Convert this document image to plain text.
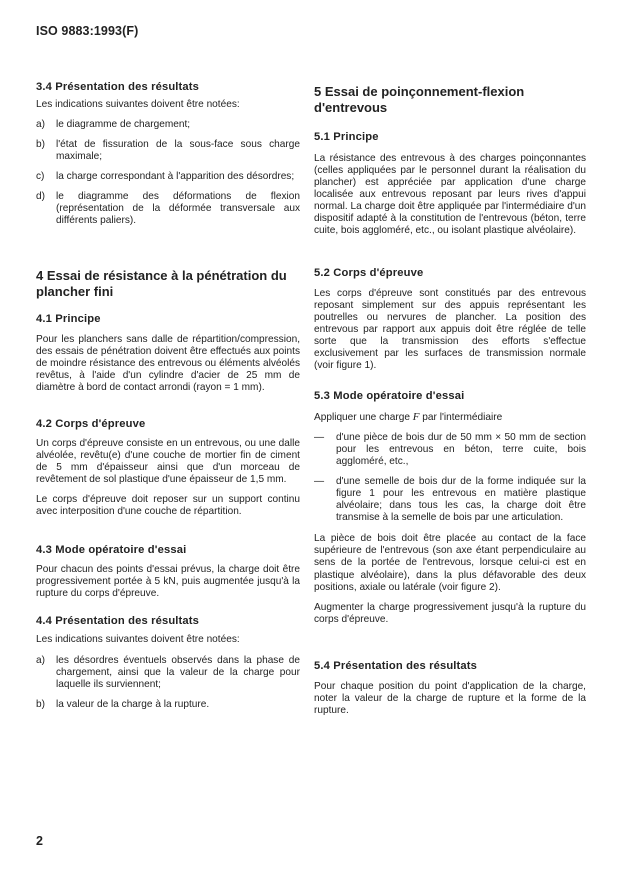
ISO 9883:1993(F)
3.4 Présentation des résultats

Les indications suivantes doivent être notées:

a) le diagramme de chargement;
b) l'état de fissuration de la sous-face sous charge maximale;
c) la charge correspondant à l'apparition des désordres;
d) le diagramme des déformations de flexion (représentation de la déformée transversale aux différents paliers).
4 Essai de résistance à la pénétration du plancher fini
4.1 Principe

Pour les planchers sans dalle de répartition/compression, des essais de pénétration doivent être effectués aux points de moindre résistance des entrevous ou éléments alvéolés revêtus, à l'aide d'un cylindre d'acier de 25 mm de diamètre à bord de contact arrondi (rayon = 1 mm).

4.2 Corps d'épreuve

Un corps d'épreuve consiste en un entrevous, ou une dalle alvéolée, revêtu(e) d'une couche de mortier fin de ciment de 5 mm d'épaisseur ainsi que d'un morceau de revêtement de sol plastique d'une épaisseur de 1,5 mm.

Le corps d'épreuve doit reposer sur un support continu avec interposition d'une couche de répartition.

4.3 Mode opératoire d'essai

Pour chacun des points d'essai prévus, la charge doit être progressivement portée à 5 kN, puis augmentée jusqu'à la rupture du corps d'épreuve.

4.4 Présentation des résultats

Les indications suivantes doivent être notées:

a) les désordres éventuels observés dans la phase de chargement, ainsi que la valeur de la charge pour laquelle ils surviennent;
b) la valeur de la charge à la rupture.
5 Essai de poinçonnement-flexion d'entrevous
5.1 Principe

La résistance des entrevous à des charges poinçonnantes (celles appliquées par le personnel durant la réalisation du plancher) est appréciée par application d'une charge localisée aux entrevous reposant par leurs rives d'appui normal. La charge doit être appliquée par l'intermédiaire d'un dispositif adapté à la constitution de l'entrevous (béton, terre cuite, bois aggloméré, etc., ou isolant plastique alvéolaire).

5.2 Corps d'épreuve

Les corps d'épreuve sont constitués par des entrevous reposant simplement sur des appuis représentant les poutrelles ou nervures de plancher. La position des entrevous par rapport aux appuis doit être réglée de telle sorte que la transmission des efforts s'effectue exclusivement par les surfaces de transmission normale (voir figure 1).

5.3 Mode opératoire d'essai

Appliquer une charge F par l'intermédiaire

— d'une pièce de bois dur de 50 mm × 50 mm de section pour les entrevous en béton, terre cuite, bois aggloméré, etc.,
— d'une semelle de bois dur de la forme indiquée sur la figure 1 pour les entrevous en matière plastique alvéolaire; dans tous les cas, la charge doit être transmise à la semelle de bois par une articulation.

La pièce de bois doit être placée au contact de la face supérieure de l'entrevous (son axe étant perpendiculaire au sens de la portée de l'entrevous, lorsque celui-ci est en plastique alvéolaire), dans la plus défavorable des deux positions, axiale ou latérale (voir figure 2).

Augmenter la charge progressivement jusqu'à la rupture du corps d'épreuve.

5.4 Présentation des résultats

Pour chaque position du point d'application de la charge, noter la valeur de la charge de rupture et la forme de la rupture.

2
